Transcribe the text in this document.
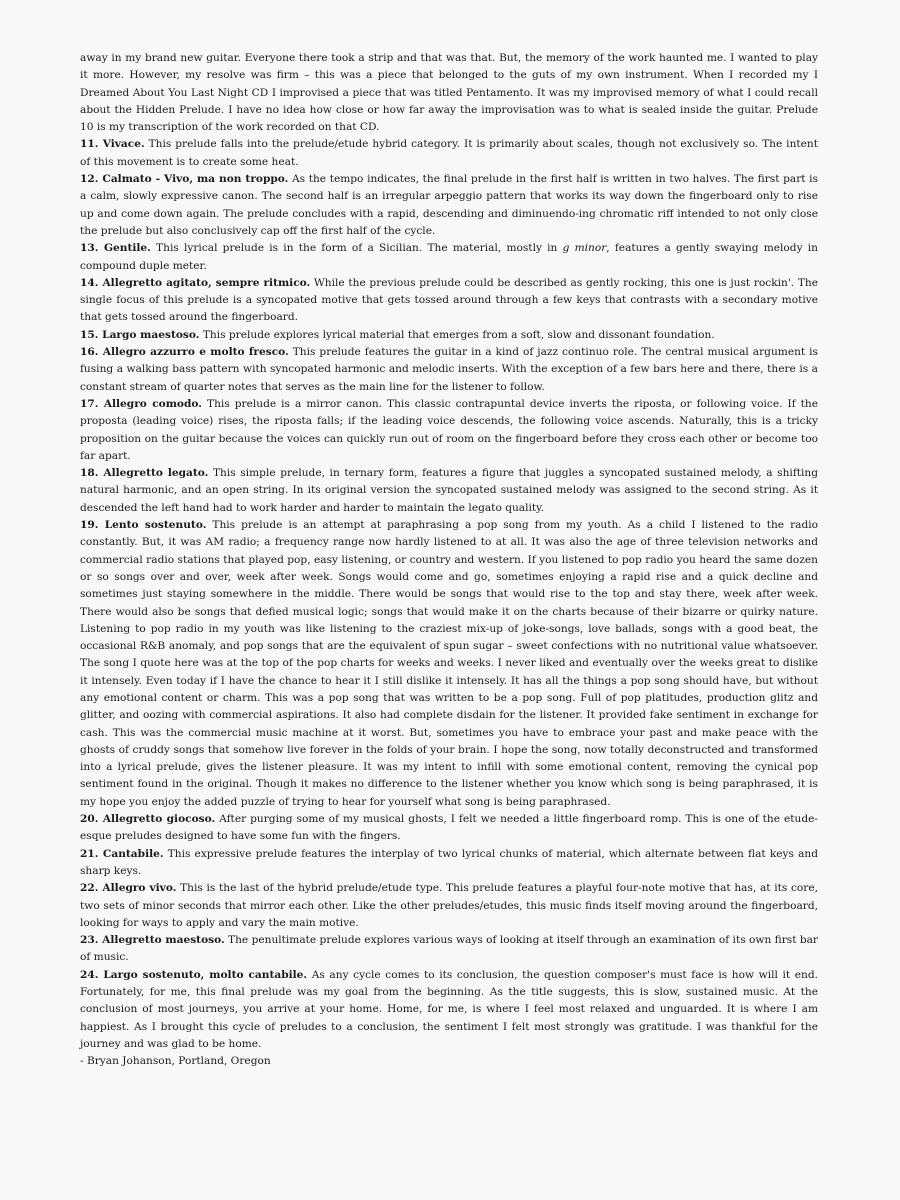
away in my brand new guitar. Everyone there took a strip and that was that. But, the memory of the work haunted me. I wanted to play it more. However, my resolve was firm – this was a piece that belonged to the guts of my own instrument. When I recorded my I Dreamed About You Last Night CD I improvised a piece that was titled Pentamento. It was my improvised memory of what I could recall about the Hidden Prelude. I have no idea how close or how far away the improvisation was to what is sealed inside the guitar. Prelude 10 is my transcription of the work recorded on that CD.

11. Vivace. This prelude falls into the prelude/etude hybrid category. It is primarily about scales, though not exclusively so. The intent of this movement is to create some heat.

12. Calmato - Vivo, ma non troppo. As the tempo indicates, the final prelude in the first half is written in two halves. The first part is a calm, slowly expressive canon. The second half is an irregular arpeggio pattern that works its way down the fingerboard only to rise up and come down again. The prelude concludes with a rapid, descending and diminuendo-ing chromatic riff intended to not only close the prelude but also conclusively cap off the first half of the cycle.

13. Gentile. This lyrical prelude is in the form of a Sicilian. The material, mostly in g minor, features a gently swaying melody in compound duple meter.

14. Allegretto agitato, sempre ritmico. While the previous prelude could be described as gently rocking, this one is just rockin'. The single focus of this prelude is a syncopated motive that gets tossed around through a few keys that contrasts with a secondary motive that gets tossed around the fingerboard.

15. Largo maestoso. This prelude explores lyrical material that emerges from a soft, slow and dissonant foundation.

16. Allegro azzurro e molto fresco. This prelude features the guitar in a kind of jazz continuo role. The central musical argument is fusing a walking bass pattern with syncopated harmonic and melodic inserts. With the exception of a few bars here and there, there is a constant stream of quarter notes that serves as the main line for the listener to follow.

17. Allegro comodo. This prelude is a mirror canon. This classic contrapuntal device inverts the riposta, or following voice. If the proposta (leading voice) rises, the riposta falls; if the leading voice descends, the following voice ascends. Naturally, this is a tricky proposition on the guitar because the voices can quickly run out of room on the fingerboard before they cross each other or become too far apart.

18. Allegretto legato. This simple prelude, in ternary form, features a figure that juggles a syncopated sustained melody, a shifting natural harmonic, and an open string. In its original version the syncopated sustained melody was assigned to the second string. As it descended the left hand had to work harder and harder to maintain the legato quality.

19. Lento sostenuto. This prelude is an attempt at paraphrasing a pop song from my youth. As a child I listened to the radio constantly. But, it was AM radio; a frequency range now hardly listened to at all. It was also the age of three television networks and commercial radio stations that played pop, easy listening, or country and western. If you listened to pop radio you heard the same dozen or so songs over and over, week after week. Songs would come and go, sometimes enjoying a rapid rise and a quick decline and sometimes just staying somewhere in the middle. There would be songs that would rise to the top and stay there, week after week. There would also be songs that defied musical logic; songs that would make it on the charts because of their bizarre or quirky nature. Listening to pop radio in my youth was like listening to the craziest mix-up of joke-songs, love ballads, songs with a good beat, the occasional R&B anomaly, and pop songs that are the equivalent of spun sugar – sweet confections with no nutritional value whatsoever. The song I quote here was at the top of the pop charts for weeks and weeks. I never liked and eventually over the weeks great to dislike it intensely. Even today if I have the chance to hear it I still dislike it intensely. It has all the things a pop song should have, but without any emotional content or charm. This was a pop song that was written to be a pop song. Full of pop platitudes, production glitz and glitter, and oozing with commercial aspirations. It also had complete disdain for the listener. It provided fake sentiment in exchange for cash. This was the commercial music machine at it worst. But, sometimes you have to embrace your past and make peace with the ghosts of cruddy songs that somehow live forever in the folds of your brain. I hope the song, now totally deconstructed and transformed into a lyrical prelude, gives the listener pleasure. It was my intent to infill with some emotional content, removing the cynical pop sentiment found in the original. Though it makes no difference to the listener whether you know which song is being paraphrased, it is my hope you enjoy the added puzzle of trying to hear for yourself what song is being paraphrased.

20. Allegretto giocoso. After purging some of my musical ghosts, I felt we needed a little fingerboard romp. This is one of the etude-esque preludes designed to have some fun with the fingers.

21. Cantabile. This expressive prelude features the interplay of two lyrical chunks of material, which alternate between flat keys and sharp keys.

22. Allegro vivo. This is the last of the hybrid prelude/etude type. This prelude features a playful four-note motive that has, at its core, two sets of minor seconds that mirror each other. Like the other preludes/etudes, this music finds itself moving around the fingerboard, looking for ways to apply and vary the main motive.

23. Allegretto maestoso. The penultimate prelude explores various ways of looking at itself through an examination of its own first bar of music.

24. Largo sostenuto, molto cantabile. As any cycle comes to its conclusion, the question composer's must face is how will it end. Fortunately, for me, this final prelude was my goal from the beginning. As the title suggests, this is slow, sustained music. At the conclusion of most journeys, you arrive at your home. Home, for me, is where I feel most relaxed and unguarded. It is where I am happiest. As I brought this cycle of preludes to a conclusion, the sentiment I felt most strongly was gratitude. I was thankful for the journey and was glad to be home.

- Bryan Johanson, Portland, Oregon
